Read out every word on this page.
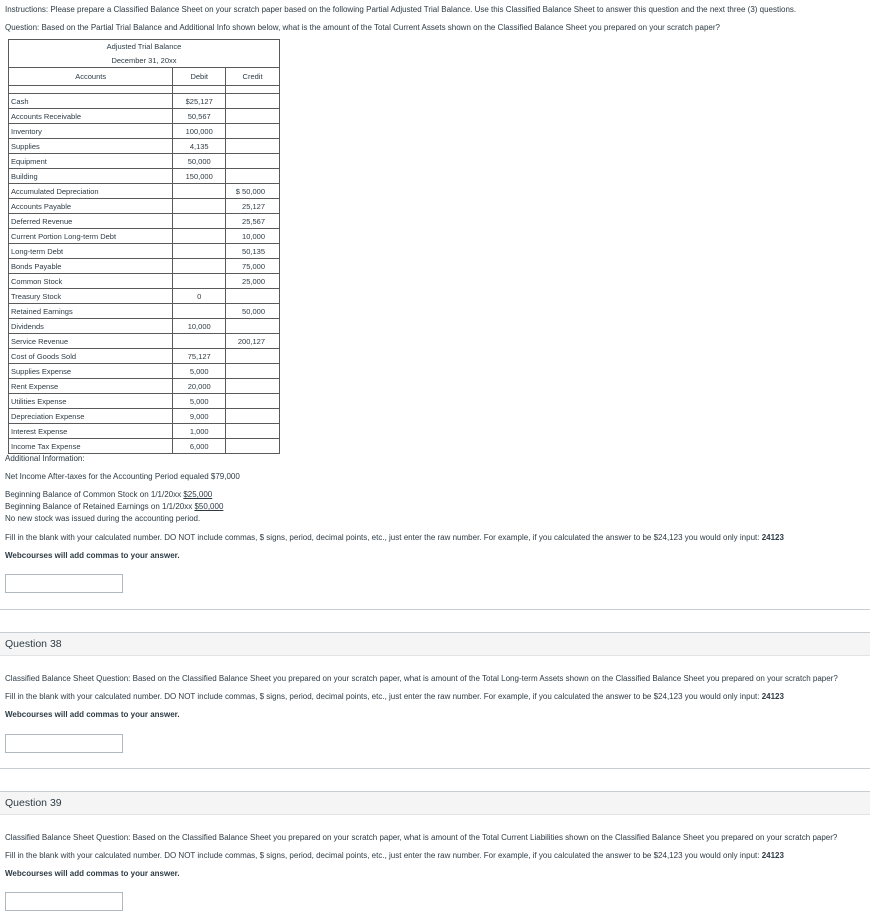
Instructions: Please prepare a Classified Balance Sheet on your scratch paper based on the following Partial Adjusted Trial Balance. Use this Classified Balance Sheet to answer this question and the next three (3) questions.
Question: Based on the Partial Trial Balance and Additional Info shown below, what is the amount of the Total Current Assets shown on the Classified Balance Sheet you prepared on your scratch paper?
Adjusted Trial Balance		
December 31, 20xx		
Accounts	Debit	Credit

Cash	$25,127	
Accounts Receivable	50,567	
Inventory	100,000	
Supplies	4,135	
Equipment	50,000	
Building	150,000	
Accumulated Depreciation		$ 50,000
Accounts Payable		25,127
Deferred Revenue		25,567
Current Portion Long-term Debt		10,000
Long-term Debt		50,135
Bonds Payable		75,000
Common Stock		25,000
Treasury Stock	0	
Retained Earnings		50,000
Dividends	10,000	
Service Revenue		200,127
Cost of Goods Sold	75,127	
Supplies Expense	5,000	
Rent Expense	20,000	
Utilities Expense	5,000	
Depreciation Expense	9,000	
Interest Expense	1,000	
Income Tax Expense	6,000	
Additional Information:
Net Income After-taxes for the Accounting Period equaled $79,000
Beginning Balance of Common Stock on 1/1/20xx $25,000
Beginning Balance of Retained Earnings on 1/1/20xx $50,000
No new stock was issued during the accounting period.
Fill in the blank with your calculated number. DO NOT include commas, $ signs, period, decimal points, etc., just enter the raw number. For example, if you calculated the answer to be $24,123 you would only input: 24123
Webcourses will add commas to your answer.
Question 38
Classified Balance Sheet Question: Based on the Classified Balance Sheet you prepared on your scratch paper, what is amount of the Total Long-term Assets shown on the Classified Balance Sheet you prepared on your scratch paper?
Fill in the blank with your calculated number. DO NOT include commas, $ signs, period, decimal points, etc., just enter the raw number. For example, if you calculated the answer to be $24,123 you would only input: 24123
Webcourses will add commas to your answer.
Question 39
Classified Balance Sheet Question: Based on the Classified Balance Sheet you prepared on your scratch paper, what is amount of the Total Current Liabilities shown on the Classified Balance Sheet you prepared on your scratch paper?
Fill in the blank with your calculated number. DO NOT include commas, $ signs, period, decimal points, etc., just enter the raw number. For example, if you calculated the answer to be $24,123 you would only input: 24123
Webcourses will add commas to your answer.
